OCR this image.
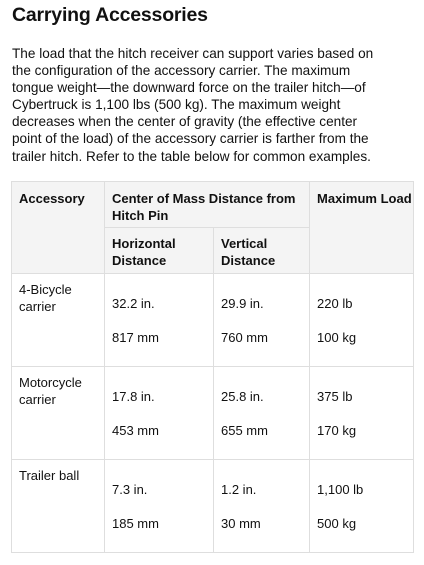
Carrying Accessories

The load that the hitch receiver can support varies based on
the configuration of the accessory carrier. The maximum
tongue weight—the downward force on the trailer hitch—of
Cybertruck is 1,100 lbs (500 kg). The maximum weight
decreases when the center of gravity (the effective center
point of the load) of the accessory carrier is farther from the
trailer hitch. Refer to the table below for common examples.

Accessory	Center of Mass Distance from Hitch Pin		Maximum Load
	Horizontal Distance	Vertical Distance	
4-Bicycle carrier	32.2 in.
817 mm	29.9 in.
760 mm	220 lb
100 kg

Motorcycle carrier	17.8 in.
453 mm	25.8 in.
655 mm	375 lb
170 kg

Trailer ball	7.3 in.
185 mm	1.2 in.
30 mm	1,100 lb
500 kg
